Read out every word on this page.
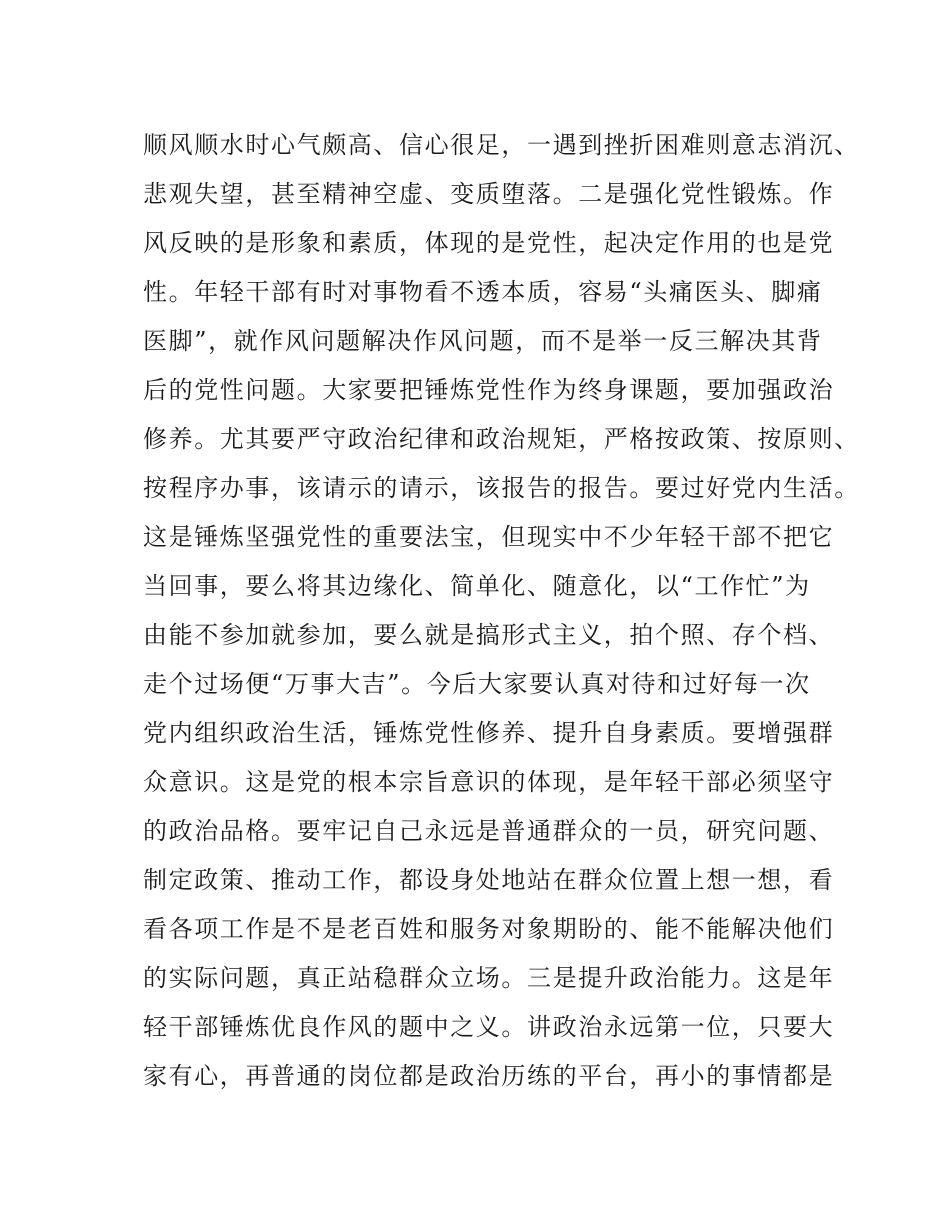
顺风顺水时心气颇高、信心很足，一遇到挫折困难则意志消沉、
悲观失望，甚至精神空虚、变质堕落。二是强化党性锻炼。作
风反映的是形象和素质，体现的是党性，起决定作用的也是党
性。年轻干部有时对事物看不透本质，容易“头痛医头、脚痛
医脚”，就作风问题解决作风问题，而不是举一反三解决其背
后的党性问题。大家要把锤炼党性作为终身课题，要加强政治
修养。尤其要严守政治纪律和政治规矩，严格按政策、按原则、
按程序办事，该请示的请示，该报告的报告。要过好党内生活。
这是锤炼坚强党性的重要法宝，但现实中不少年轻干部不把它
当回事，要么将其边缘化、简单化、随意化，以“工作忙”为
由能不参加就参加，要么就是搞形式主义，拍个照、存个档、
走个过场便“万事大吉”。今后大家要认真对待和过好每一次
党内组织政治生活，锤炼党性修养、提升自身素质。要增强群
众意识。这是党的根本宗旨意识的体现，是年轻干部必须坚守
的政治品格。要牢记自己永远是普通群众的一员，研究问题、
制定政策、推动工作，都设身处地站在群众位置上想一想，看
看各项工作是不是老百姓和服务对象期盼的、能不能解决他们
的实际问题，真正站稳群众立场。三是提升政治能力。这是年
轻干部锤炼优良作风的题中之义。讲政治永远第一位，只要大
家有心，再普通的岗位都是政治历练的平台，再小的事情都是
